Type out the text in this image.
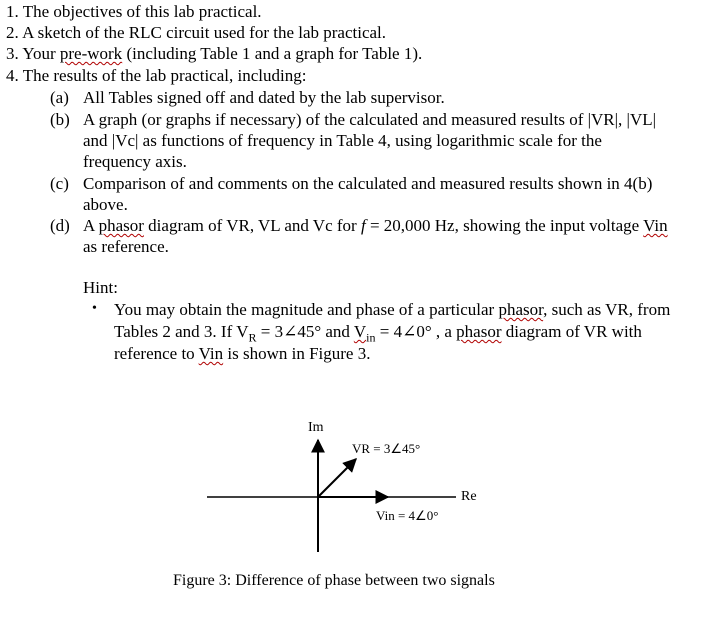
1. The objectives of this lab practical.
2. A sketch of the RLC circuit used for the lab practical.
3. Your pre-work (including Table 1 and a graph for Table 1).
4. The results of the lab practical, including:
(a) All Tables signed off and dated by the lab supervisor.
(b) A graph (or graphs if necessary) of the calculated and measured results of |VR|, |VL|
and |Vc| as functions of frequency in Table 4, using logarithmic scale for the
frequency axis.
(c) Comparison of and comments on the calculated and measured results shown in 4(b)
above.
(d) A phasor diagram of VR, VL and Vc for f = 20,000 Hz, showing the input voltage Vin
as reference.
Hint:
• You may obtain the magnitude and phase of a particular phasor, such as VR, from
Tables 2 and 3. If $V_R$ = 3∠45° and $V_{in}$ = 4∠0° , a phasor diagram of VR with
reference to Vin is shown in Figure 3.
Im
Re
VR = 3∠45°
Vin = 4∠0°
Figure 3: Difference of phase between two signals
